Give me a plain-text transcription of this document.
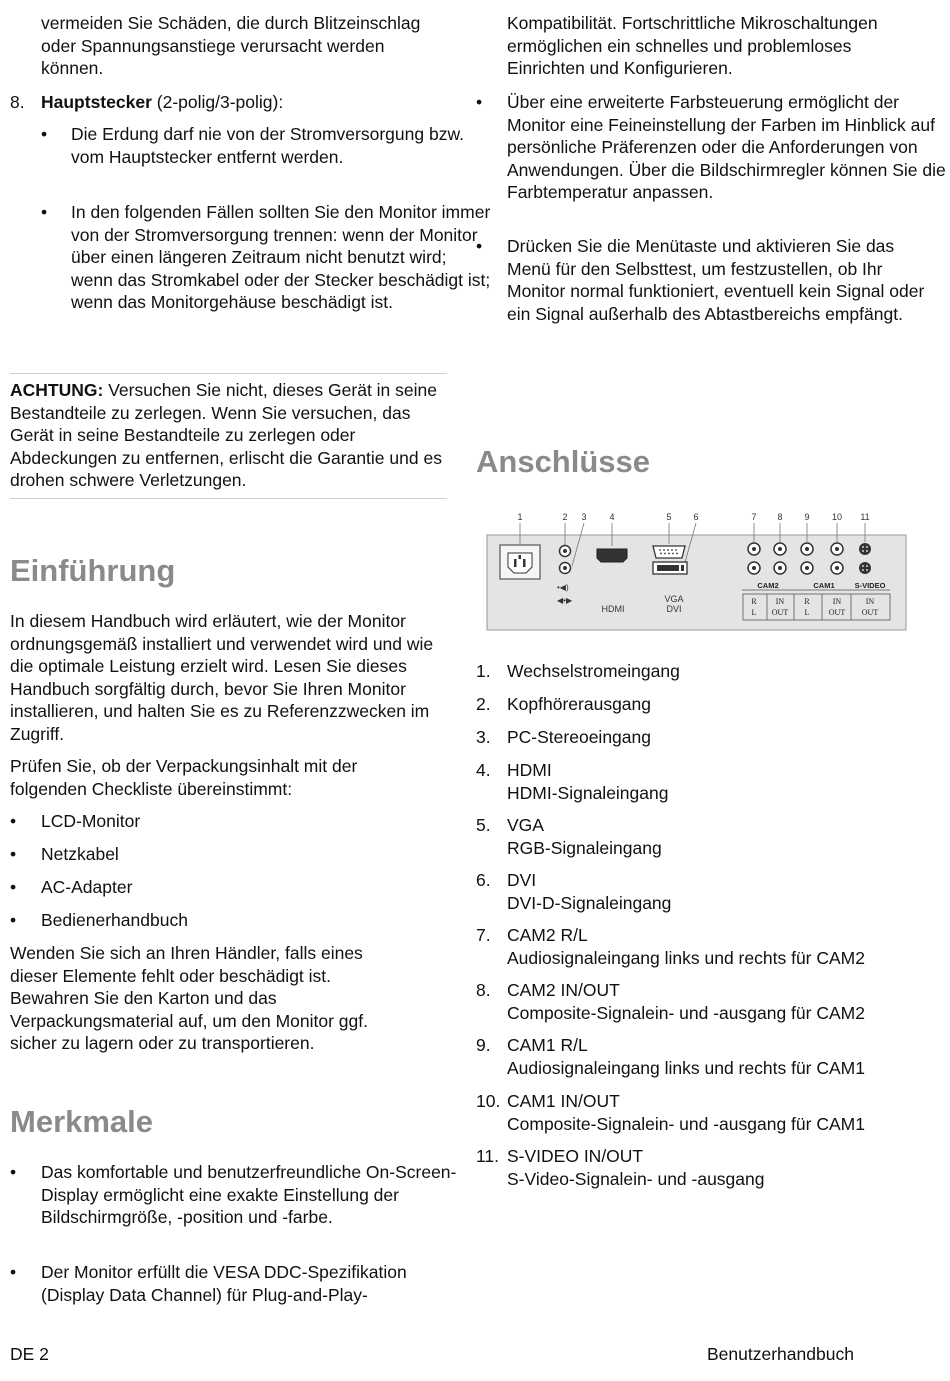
vermeiden Sie Schäden, die durch Blitzeinschlag oder Spannungsanstiege verursacht werden können.

8. Hauptstecker (2-polig/3-polig):
• Die Erdung darf nie von der Stromversorgung bzw. vom Hauptstecker entfernt werden.
• In den folgenden Fällen sollten Sie den Monitor immer von der Stromversorgung trennen: wenn der Monitor über einen längeren Zeitraum nicht benutzt wird; wenn das Stromkabel oder der Stecker beschädigt ist; wenn das Monitorgehäuse beschädigt ist.
ACHTUNG: Versuchen Sie nicht, dieses Gerät in seine Bestandteile zu zerlegen. Wenn Sie versuchen, das Gerät in seine Bestandteile zu zerlegen oder Abdeckungen zu entfernen, erlischt die Garantie und es drohen schwere Verletzungen.
Einführung

In diesem Handbuch wird erläutert, wie der Monitor ordnungsgemäß installiert und verwendet wird und wie die optimale Leistung erzielt wird. Lesen Sie dieses Handbuch sorgfältig durch, bevor Sie Ihren Monitor installieren, und halten Sie es zu Referenzzwecken im Zugriff.

Prüfen Sie, ob der Verpackungsinhalt mit der folgenden Checkliste übereinstimmt:

• LCD-Monitor
• Netzkabel
• AC-Adapter
• Bedienerhandbuch

Wenden Sie sich an Ihren Händler, falls eines dieser Elemente fehlt oder beschädigt ist. Bewahren Sie den Karton und das Verpackungsmaterial auf, um den Monitor ggf. sicher zu lagern oder zu transportieren.

Merkmale
• Das komfortable und benutzerfreundliche On-Screen-Display ermöglicht eine exakte Einstellung der Bildschirmgröße, -position und -farbe.
• Der Monitor erfüllt die VESA DDC-Spezifikation (Display Data Channel) für Plug-and-Play-

Kompatibilität. Fortschrittliche Mikroschaltungen ermöglichen ein schnelles und problemloses Einrichten und Konfigurieren.

• Über eine erweiterte Farbsteuerung ermöglicht der Monitor eine Feineinstellung der Farben im Hinblick auf persönliche Präferenzen oder die Anforderungen von Anwendungen. Über die Bildschirmregler können Sie die Farbtemperatur anpassen.
• Drücken Sie die Menütaste und aktivieren Sie das Menü für den Selbsttest, um festzustellen, ob Ihr Monitor normal funktioniert, eventuell kein Signal oder ein Signal außerhalb des Abtastbereichs empfängt.
Anschlüsse
1. Wechselstromeingang
2. Kopfhörerausgang
3. PC-Stereoeingang
4. HDMI
HDMI-Signaleingang
5. VGA
RGB-Signaleingang
6. DVI
DVI-D-Signaleingang
7. CAM2 R/L
Audiosignaleingang links und rechts für CAM2
8. CAM2 IN/OUT
Composite-Signalein- und -ausgang für CAM2
9. CAM1 R/L
Audiosignaleingang links und rechts für CAM1
10. CAM1 IN/OUT
Composite-Signalein- und -ausgang für CAM1
11. S-VIDEO IN/OUT
S-Video-Signalein- und -ausgang
1	2 3	4	5 6	7 8 9 10 11
•◀)
◀•▶
HDMI
VGA
DVI
CAM2	CAM1	S-VIDEO
R
L
IN
OUT
R
L
IN
OUT
IN
OUT
DE 2	Benutzerhandbuch
